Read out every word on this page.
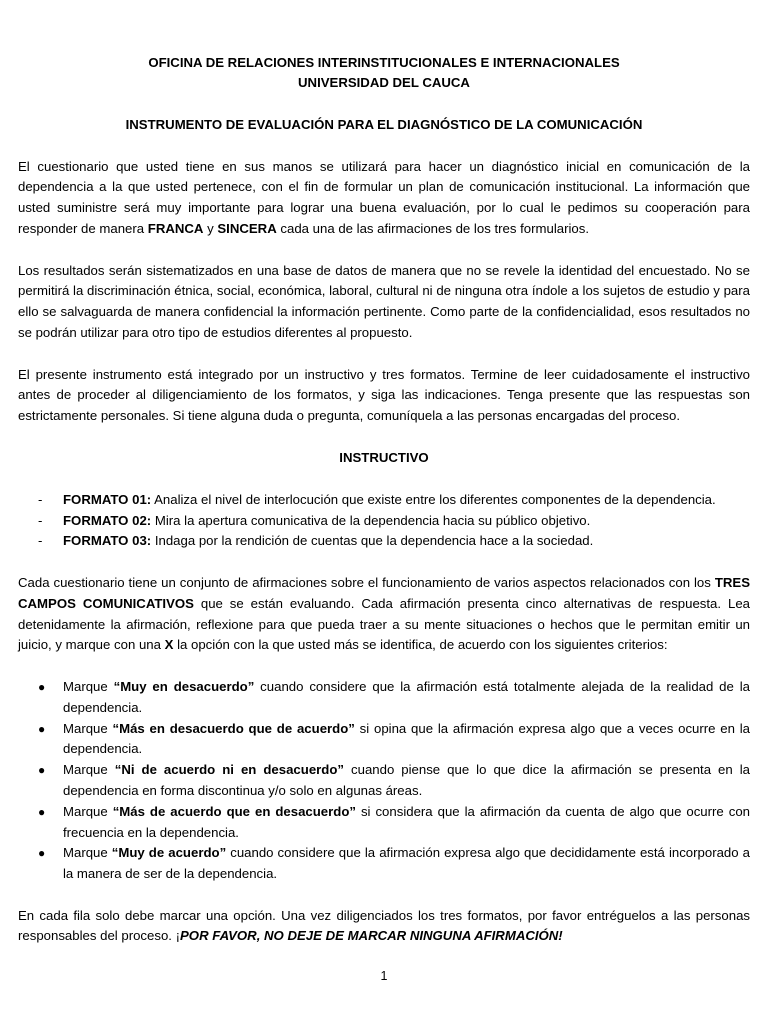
OFICINA DE RELACIONES INTERINSTITUCIONALES E INTERNACIONALES
UNIVERSIDAD DEL CAUCA
INSTRUMENTO DE EVALUACIÓN PARA EL DIAGNÓSTICO DE LA COMUNICACIÓN

El cuestionario que usted tiene en sus manos se utilizará para hacer un diagnóstico inicial en comunicación de la dependencia a la que usted pertenece, con el fin de formular un plan de comunicación institucional. La información que usted suministre será muy importante para lograr una buena evaluación, por lo cual le pedimos su cooperación para responder de manera FRANCA y SINCERA cada una de las afirmaciones de los tres formularios.

Los resultados serán sistematizados en una base de datos de manera que no se revele la identidad del encuestado. No se permitirá la discriminación étnica, social, económica, laboral, cultural ni de ninguna otra índole a los sujetos de estudio y para ello se salvaguarda de manera confidencial la información pertinente. Como parte de la confidencialidad, esos resultados no se podrán utilizar para otro tipo de estudios diferentes al propuesto.

El presente instrumento está integrado por un instructivo y tres formatos. Termine de leer cuidadosamente el instructivo antes de proceder al diligenciamiento de los formatos, y siga las indicaciones. Tenga presente que las respuestas son estrictamente personales. Si tiene alguna duda o pregunta, comuníquela a las personas encargadas del proceso.

INSTRUCTIVO
- FORMATO 01: Analiza el nivel de interlocución que existe entre los diferentes componentes de la dependencia.
- FORMATO 02: Mira la apertura comunicativa de la dependencia hacia su público objetivo.
- FORMATO 03: Indaga por la rendición de cuentas que la dependencia hace a la sociedad.

Cada cuestionario tiene un conjunto de afirmaciones sobre el funcionamiento de varios aspectos relacionados con los TRES CAMPOS COMUNICATIVOS que se están evaluando. Cada afirmación presenta cinco alternativas de respuesta. Lea detenidamente la afirmación, reflexione para que pueda traer a su mente situaciones o hechos que le permitan emitir un juicio, y marque con una X la opción con la que usted más se identifica, de acuerdo con los siguientes criterios:

● Marque “Muy en desacuerdo” cuando considere que la afirmación está totalmente alejada de la realidad de la dependencia.
● Marque “Más en desacuerdo que de acuerdo” si opina que la afirmación expresa algo que a veces ocurre en la dependencia.
● Marque “Ni de acuerdo ni en desacuerdo” cuando piense que lo que dice la afirmación se presenta en la dependencia en forma discontinua y/o solo en algunas áreas.
● Marque “Más de acuerdo que en desacuerdo” si considera que la afirmación da cuenta de algo que ocurre con frecuencia en la dependencia.
● Marque “Muy de acuerdo” cuando considere que la afirmación expresa algo que decididamente está incorporado a la manera de ser de la dependencia.

En cada fila solo debe marcar una opción. Una vez diligenciados los tres formatos, por favor entréguelos a las personas responsables del proceso. ¡POR FAVOR, NO DEJE DE MARCAR NINGUNA AFIRMACIÓN!

1
